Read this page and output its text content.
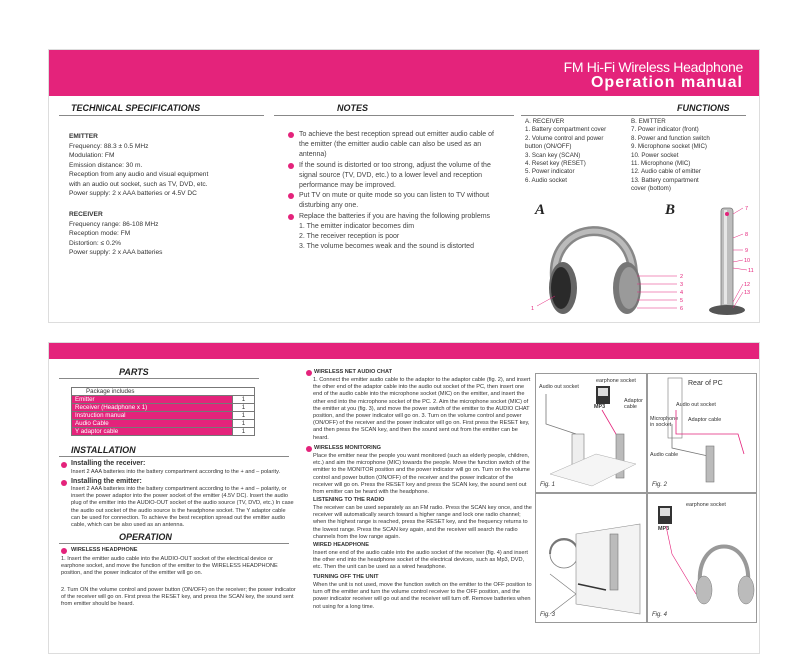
FM Hi-Fi Wireless Headphone
Operation manual
TECHNICAL SPECIFICATIONS
EMITTER
Frequency: 88.3 ± 0.5 MHz
Modulation: FM
Emission distance: 30 m.
Reception from any audio and visual equipment
with an audio out socket, such as TV, DVD, etc.
Power supply: 2 x AAA batteries or 4.5V DC
RECEIVER
Frequency range: 86-108 MHz
Reception mode: FM
Distortion: ≤ 0.2%
Power supply: 2 x AAA batteries
NOTES
To achieve the best reception spread out emitter audio cable of the emitter (the emitter audio cable can also be used as an antenna)
If the sound is distorted or too strong, adjust the volume of the signal source (TV, DVD, etc.) to a lower level and reception performance may be improved.
Put TV on mute or quite mode so you can listen to TV without disturbing any one.
Replace the batteries if you are having the following problems
1. The emitter indicator becomes dim
2. The receiver reception is poor
3. The volume becomes weak and the sound is distorted
FUNCTIONS
A. RECEIVER
1. Battery compartment cover
2. Volume control and power
button (ON/OFF)
3. Scan key (SCAN)
4. Reset key (RESET)
5. Power indicator
6. Audio socket
B. EMITTER
7. Power indicator (front)
8. Power and function switch
9. Microphone socket (MIC)
10. Power socket
11. Microphone (MIC)
12. Audio cable of emitter
13. Battery compartment
cover (bottom)
A	B
1
2
3
4
5
6
7
8
9
10
11
12
13
PARTS
Package includes	
Emitter	1
Receiver (Headphone x 1)	1
Instruction manual	1
Audio Cable	1
Y adaptor cable	1
INSTALLATION
Installing the receiver:
Insert 2 AAA batteries into the battery compartment according to the + and – polarity.
Installing the emitter:
Insert 2 AAA batteries into the battery compartment according to the + and – polarity, or insert the power adaptor into the power socket of the emitter (4.5V DC). Insert the audio plug of the emitter into the AUDIO-OUT socket of the audio source (TV, DVD, etc.) In case the audio out socket of the audio source is the headphone socket. The Y adaptor cable can be used for connection. To achieve the best reception spread out the emitter audio cable, which can be also used as an antenna.
OPERATION
WIRELESS HEADPHONE
1. Insert the emitter audio cable into the AUDIO-OUT socket of the electrical device or earphone socket, and move the function of the emitter to the WIRELESS HEADPHONE position, and the power indicator of the emitter will go on.
2. Turn ON the volume control and power button (ON/OFF) on the receiver; the power indicator of the receiver will go on. First press the RESET key, and press the SCAN key, the sound sent from emitter should be heard.
WIRELESS NET AUDIO CHAT
1. Connect the emitter audio cable to the adaptor to the adaptor cable (fig. 2), and insert the other end of the adaptor cable into the audio out socket of the PC, then insert one end of the audio cable into the microphone socket (MIC) on the emitter, and insert the other end into the microphone socket of the PC. 2. Aim the microphone socket (MIC) of the emitter at you (fig. 3), and move the power switch of the emitter to the AUDIO CHAT position, and the power indicator will go on. 3. Turn on the volume control and power (ON/OFF) of the receiver and the power indicator will go on. First press the RESET key, and then press the SCAN key, and then the sound sent out from the emitter can be heard.
WIRELESS MONITORING
Place the emitter near the people you want monitored (such as elderly people, children, etc.) and aim the microphone (MIC) towards the people. Move the function switch of the emitter to the MONITOR position and the power indicator will go on. Turn on the volume control and power button (ON/OFF) of the receiver and the power indicator of the receiver will go on. Press the RESET key and press the SCAN key, the sound sent out from emitter can be heard with the headphone.
LISTENING TO THE RADIO
The receiver can be used separately as an FM radio. Press the SCAN key once, and the receiver will automatically search toward a higher range and lock one radio channel; when the highest range is reached, press the RESET key, and the frequency returns to the lowest range. Press the SCAN key again, and the receiver will search the radio channels from the low range again.
WIRED HEADPHONE
Insert one end of the audio cable into the audio socket of the receiver (fig. 4) and insert the other end into the headphone socket of the electrical devices, such as Mp3, DVD, etc. Then the unit can be used as a wired headphone.
TURNING OFF THE UNIT
When the unit is not used, move the function switch on the emitter to the OFF position to turn off the emitter and turn the volume control receiver to the OFF position, and the power indicator receiver will go out and the receiver will turn off. Remove batteries when not using for a long time.
Audio out socket
earphone socket
Adaptor cable
MP3
Fig. 1
Rear of PC
Audio out socket
Microphone in socket
Adaptor cable
Audio cable
Fig. 2
Fig. 3
earphone socket
MP3
Fig. 4
